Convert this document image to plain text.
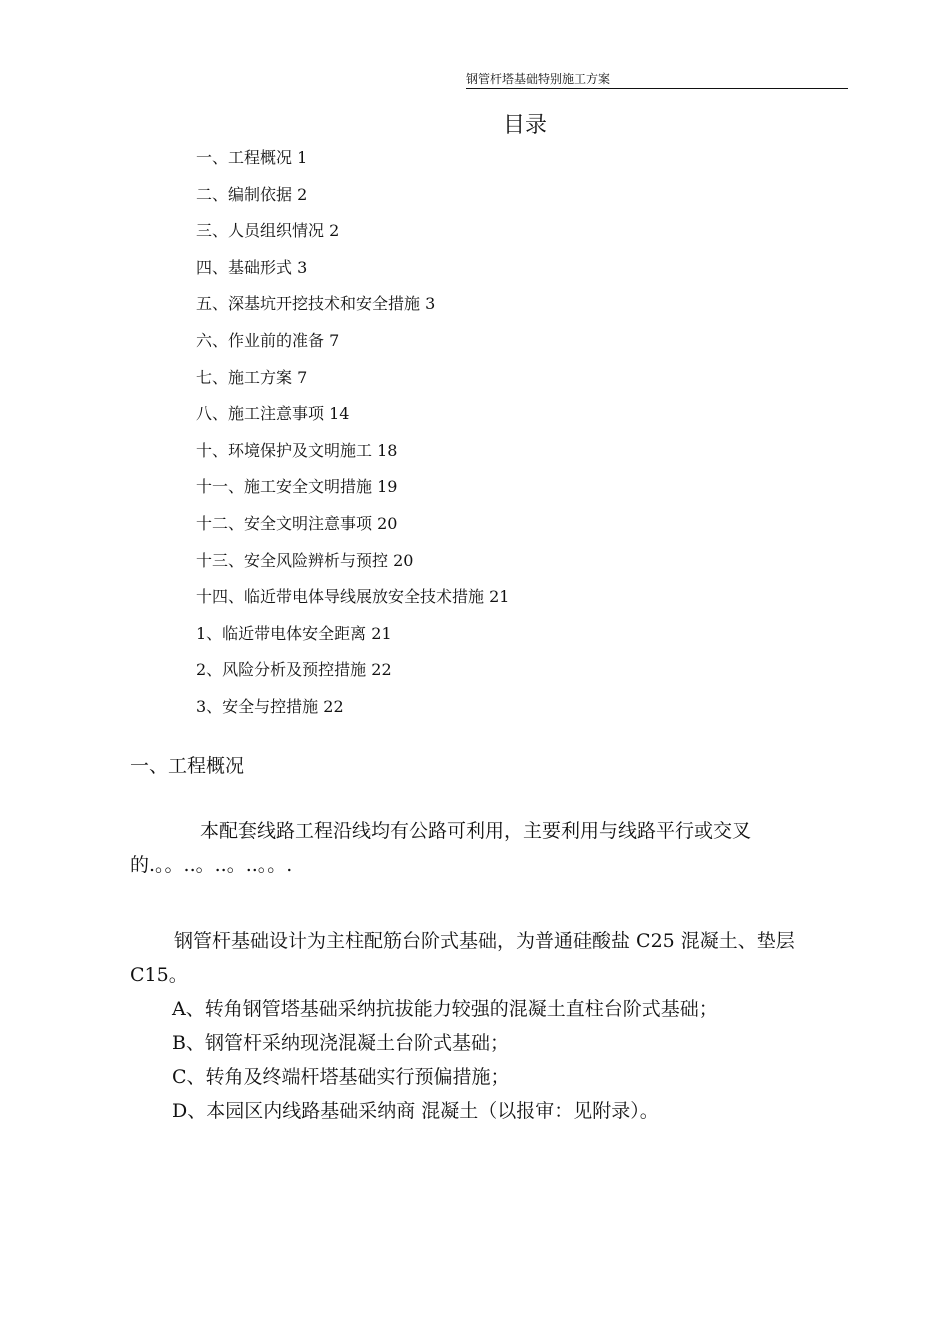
钢管杆塔基础特别施工方案
目录
一、工程概况 1
二、编制依据 2
三、人员组织情况 2
四、基础形式 3
五、深基坑开挖技术和安全措施 3
六、作业前的准备 7
七、施工方案 7
八、施工注意事项 14
十、环境保护及文明施工 18
十一、施工安全文明措施 19
十二、安全文明注意事项 20
十三、安全风险辨析与预控 20
十四、临近带电体导线展放安全技术措施 21
1、临近带电体安全距离 21
2、风险分析及预控措施 22
3、安全与控措施 22
一、工程概况

本配套线路工程沿线均有公路可利用，主要利用与线路平行或交叉的.。。..。..。..。。.

钢管杆基础设计为主柱配筋台阶式基础，为普通硅酸盐 C25 混凝土、垫层 C15。

A、转角钢管塔基础采纳抗拔能力较强的混凝土直柱台阶式基础；
B、钢管杆采纳现浇混凝土台阶式基础；
C、转角及终端杆塔基础实行预偏措施；
D、本园区内线路基础采纳商 混凝土（以报审：见附录）。
